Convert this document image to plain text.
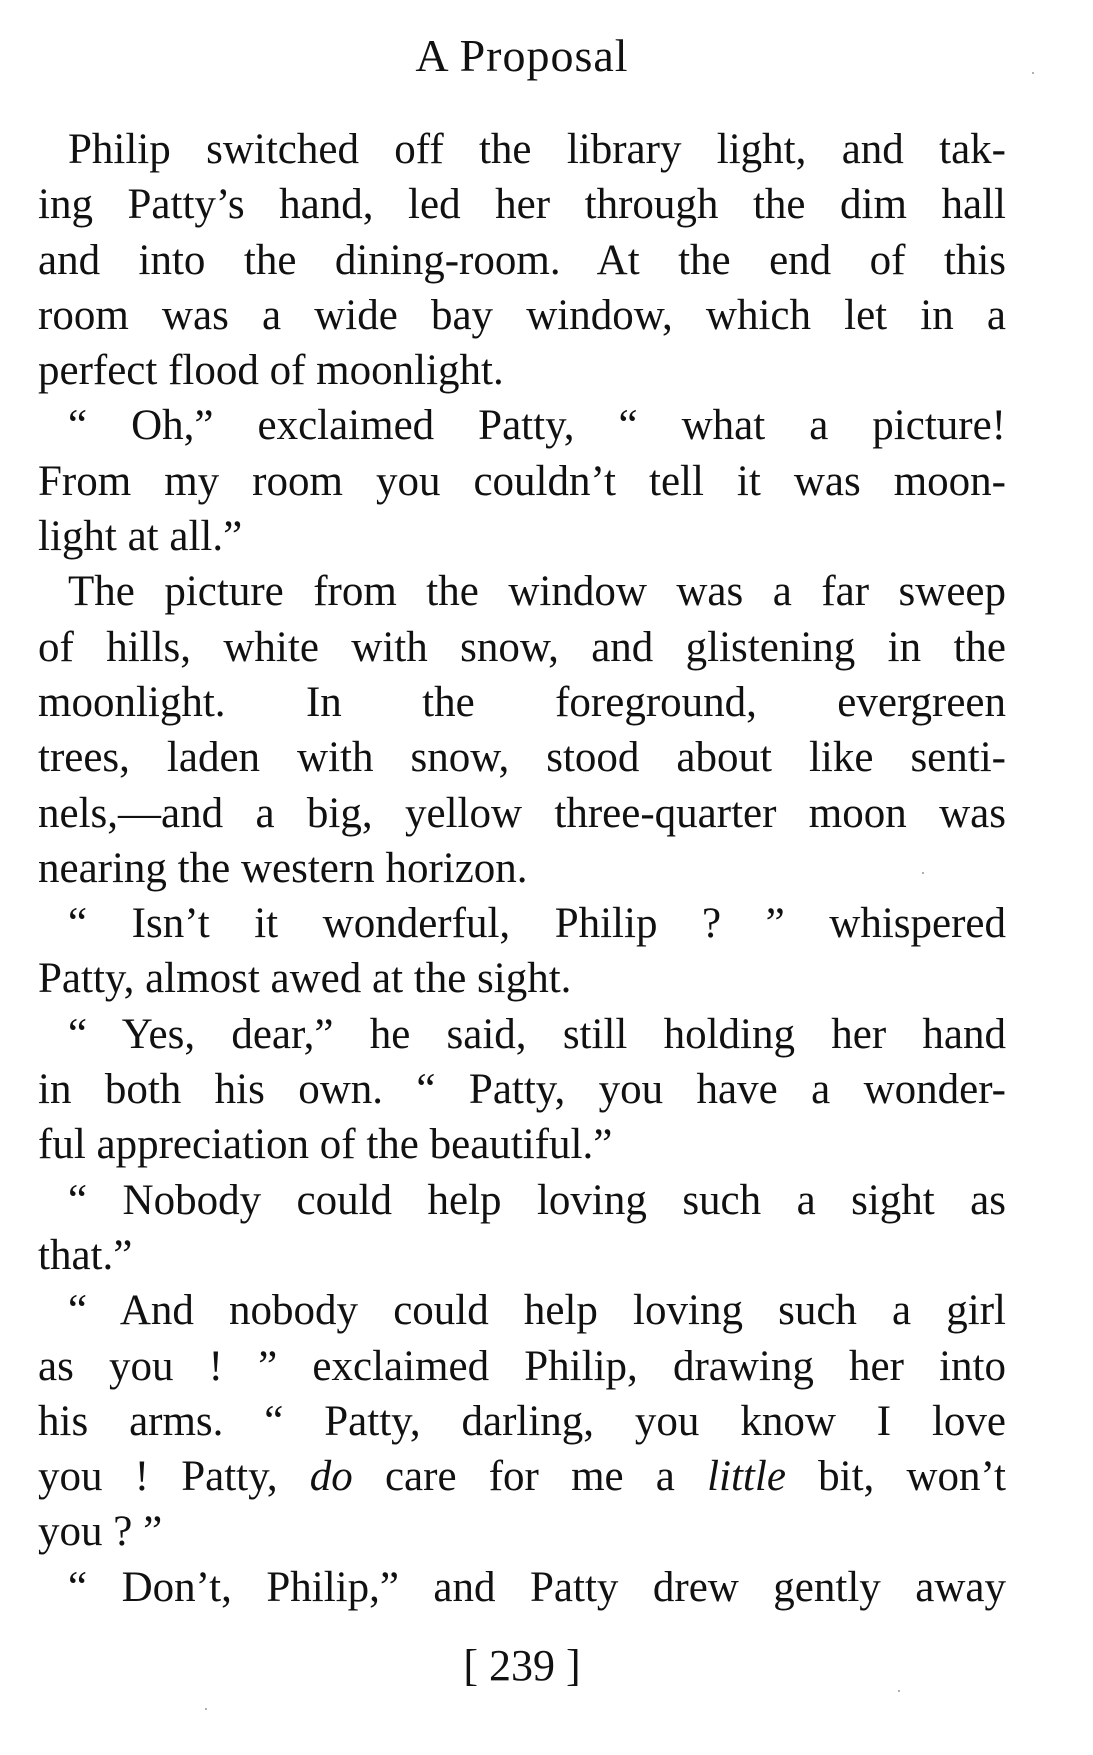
A Proposal

Philip switched off the library light, and tak-
ing Patty’s hand, led her through the dim hall
and into the dining-room. At the end of this
room was a wide bay window, which let in a
perfect flood of moonlight.

“ Oh,” exclaimed Patty, “ what a picture!
From my room you couldn’t tell it was moon-
light at all.”

The picture from the window was a far sweep
of hills, white with snow, and glistening in the
moonlight. In the foreground, evergreen
trees, laden with snow, stood about like senti-
nels,—and a big, yellow three-quarter moon was
nearing the western horizon.

“ Isn’t it wonderful, Philip ? ” whispered
Patty, almost awed at the sight.

“ Yes, dear,” he said, still holding her hand
in both his own. “ Patty, you have a wonder-
ful appreciation of the beautiful.”

“ Nobody could help loving such a sight as
that.”

“ And nobody could help loving such a girl
as you ! ” exclaimed Philip, drawing her into
his arms. “ Patty, darling, you know I love
you ! Patty, do care for me a little bit, won’t
you ? ”

“ Don’t, Philip,” and Patty drew gently away

[ 239 ]
